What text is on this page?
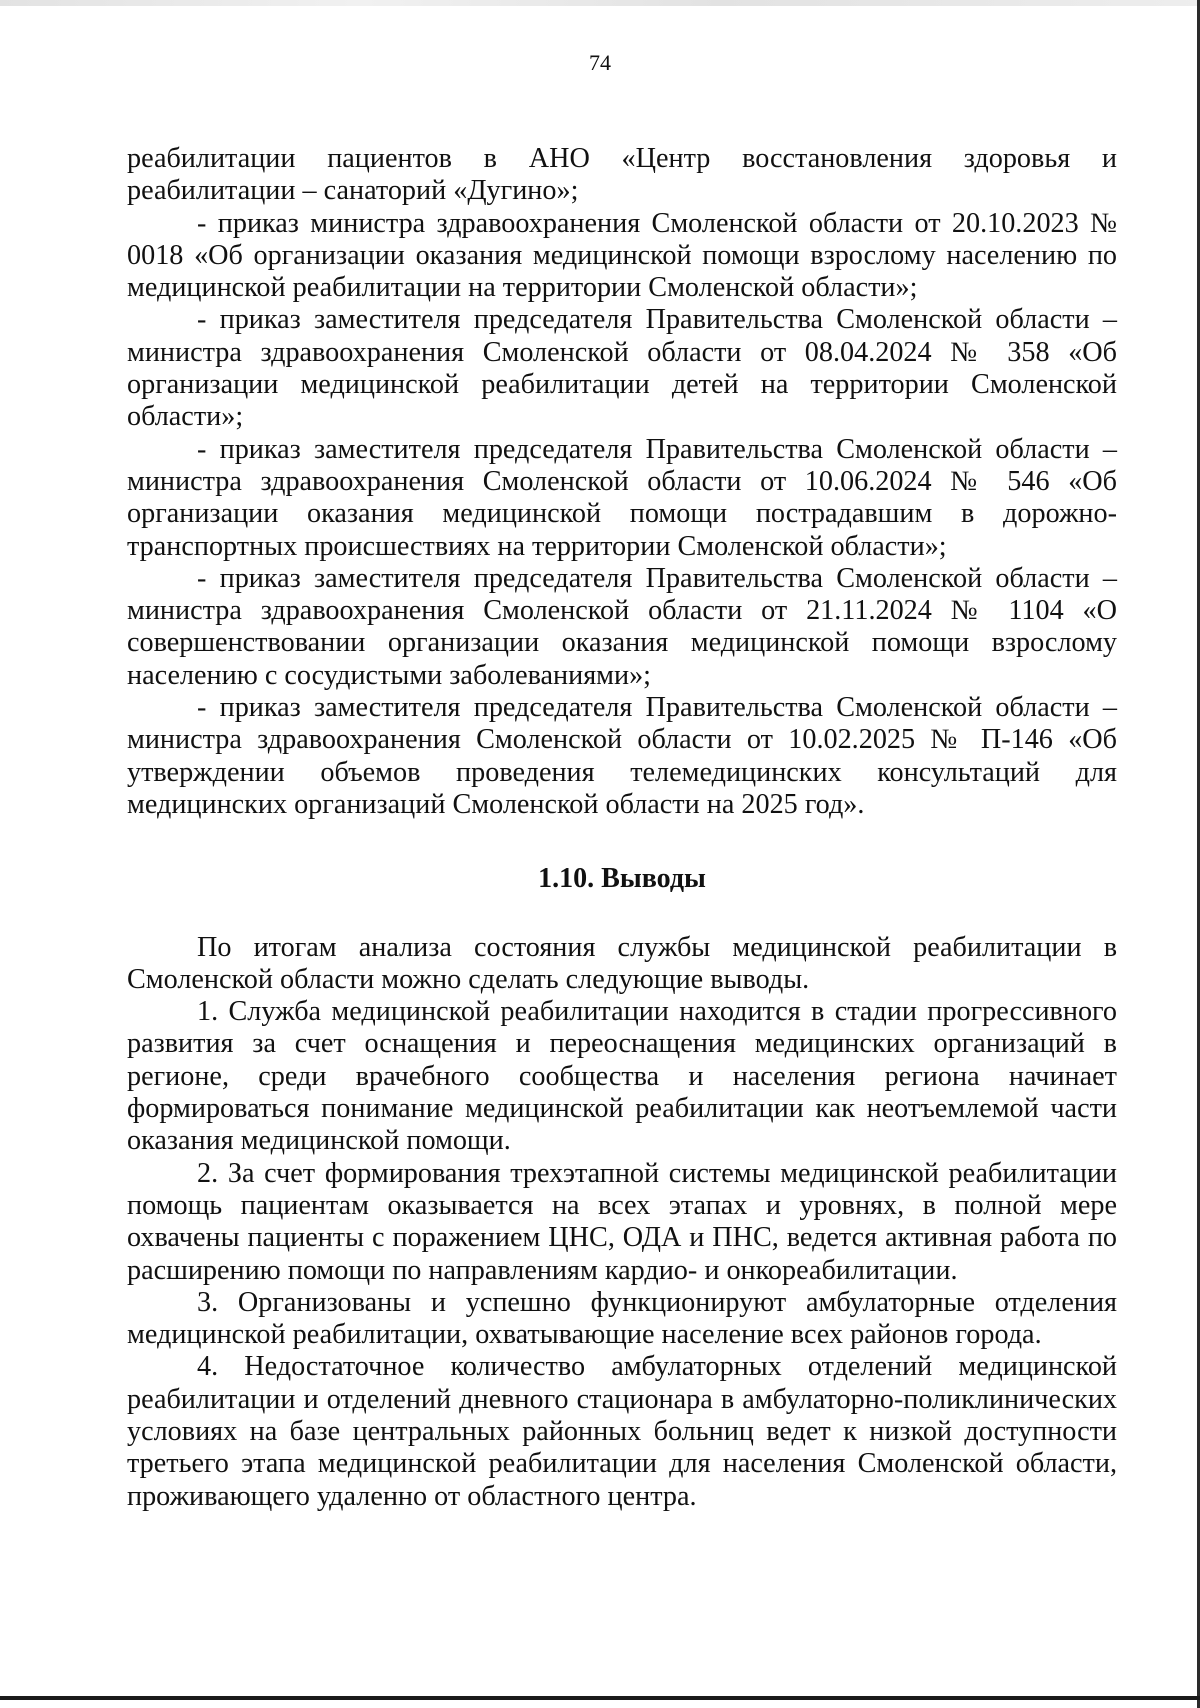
74

реабилитации пациентов в АНО «Центр восстановления здоровья и реабилитации – санаторий «Дугино»;

- приказ министра здравоохранения Смоленской области от 20.10.2023 № 0018 «Об организации оказания медицинской помощи взрослому населению по медицинской реабилитации на территории Смоленской области»;

- приказ заместителя председателя Правительства Смоленской области – министра здравоохранения Смоленской области от 08.04.2024 № 358 «Об организации медицинской реабилитации детей на территории Смоленской области»;

- приказ заместителя председателя Правительства Смоленской области – министра здравоохранения Смоленской области от 10.06.2024 № 546 «Об организации оказания медицинской помощи пострадавшим в дорожно-транспортных происшествиях на территории Смоленской области»;

- приказ заместителя председателя Правительства Смоленской области – министра здравоохранения Смоленской области от 21.11.2024 № 1104 «О совершенствовании организации оказания медицинской помощи взрослому населению с сосудистыми заболеваниями»;

- приказ заместителя председателя Правительства Смоленской области – министра здравоохранения Смоленской области от 10.02.2025 № П-146 «Об утверждении объемов проведения телемедицинских консультаций для медицинских организаций Смоленской области на 2025 год».

1.10. Выводы

По итогам анализа состояния службы медицинской реабилитации в Смоленской области можно сделать следующие выводы.

1. Служба медицинской реабилитации находится в стадии прогрессивного развития за счет оснащения и переоснащения медицинских организаций в регионе, среди врачебного сообщества и населения региона начинает формироваться понимание медицинской реабилитации как неотъемлемой части оказания медицинской помощи.

2. За счет формирования трехэтапной системы медицинской реабилитации помощь пациентам оказывается на всех этапах и уровнях, в полной мере охвачены пациенты с поражением ЦНС, ОДА и ПНС, ведется активная работа по расширению помощи по направлениям кардио- и онкореабилитации.

3. Организованы и успешно функционируют амбулаторные отделения медицинской реабилитации, охватывающие население всех районов города.

4. Недостаточное количество амбулаторных отделений медицинской реабилитации и отделений дневного стационара в амбулаторно-поликлинических условиях на базе центральных районных больниц ведет к низкой доступности третьего этапа медицинской реабилитации для населения Смоленской области, проживающего удаленно от областного центра.
